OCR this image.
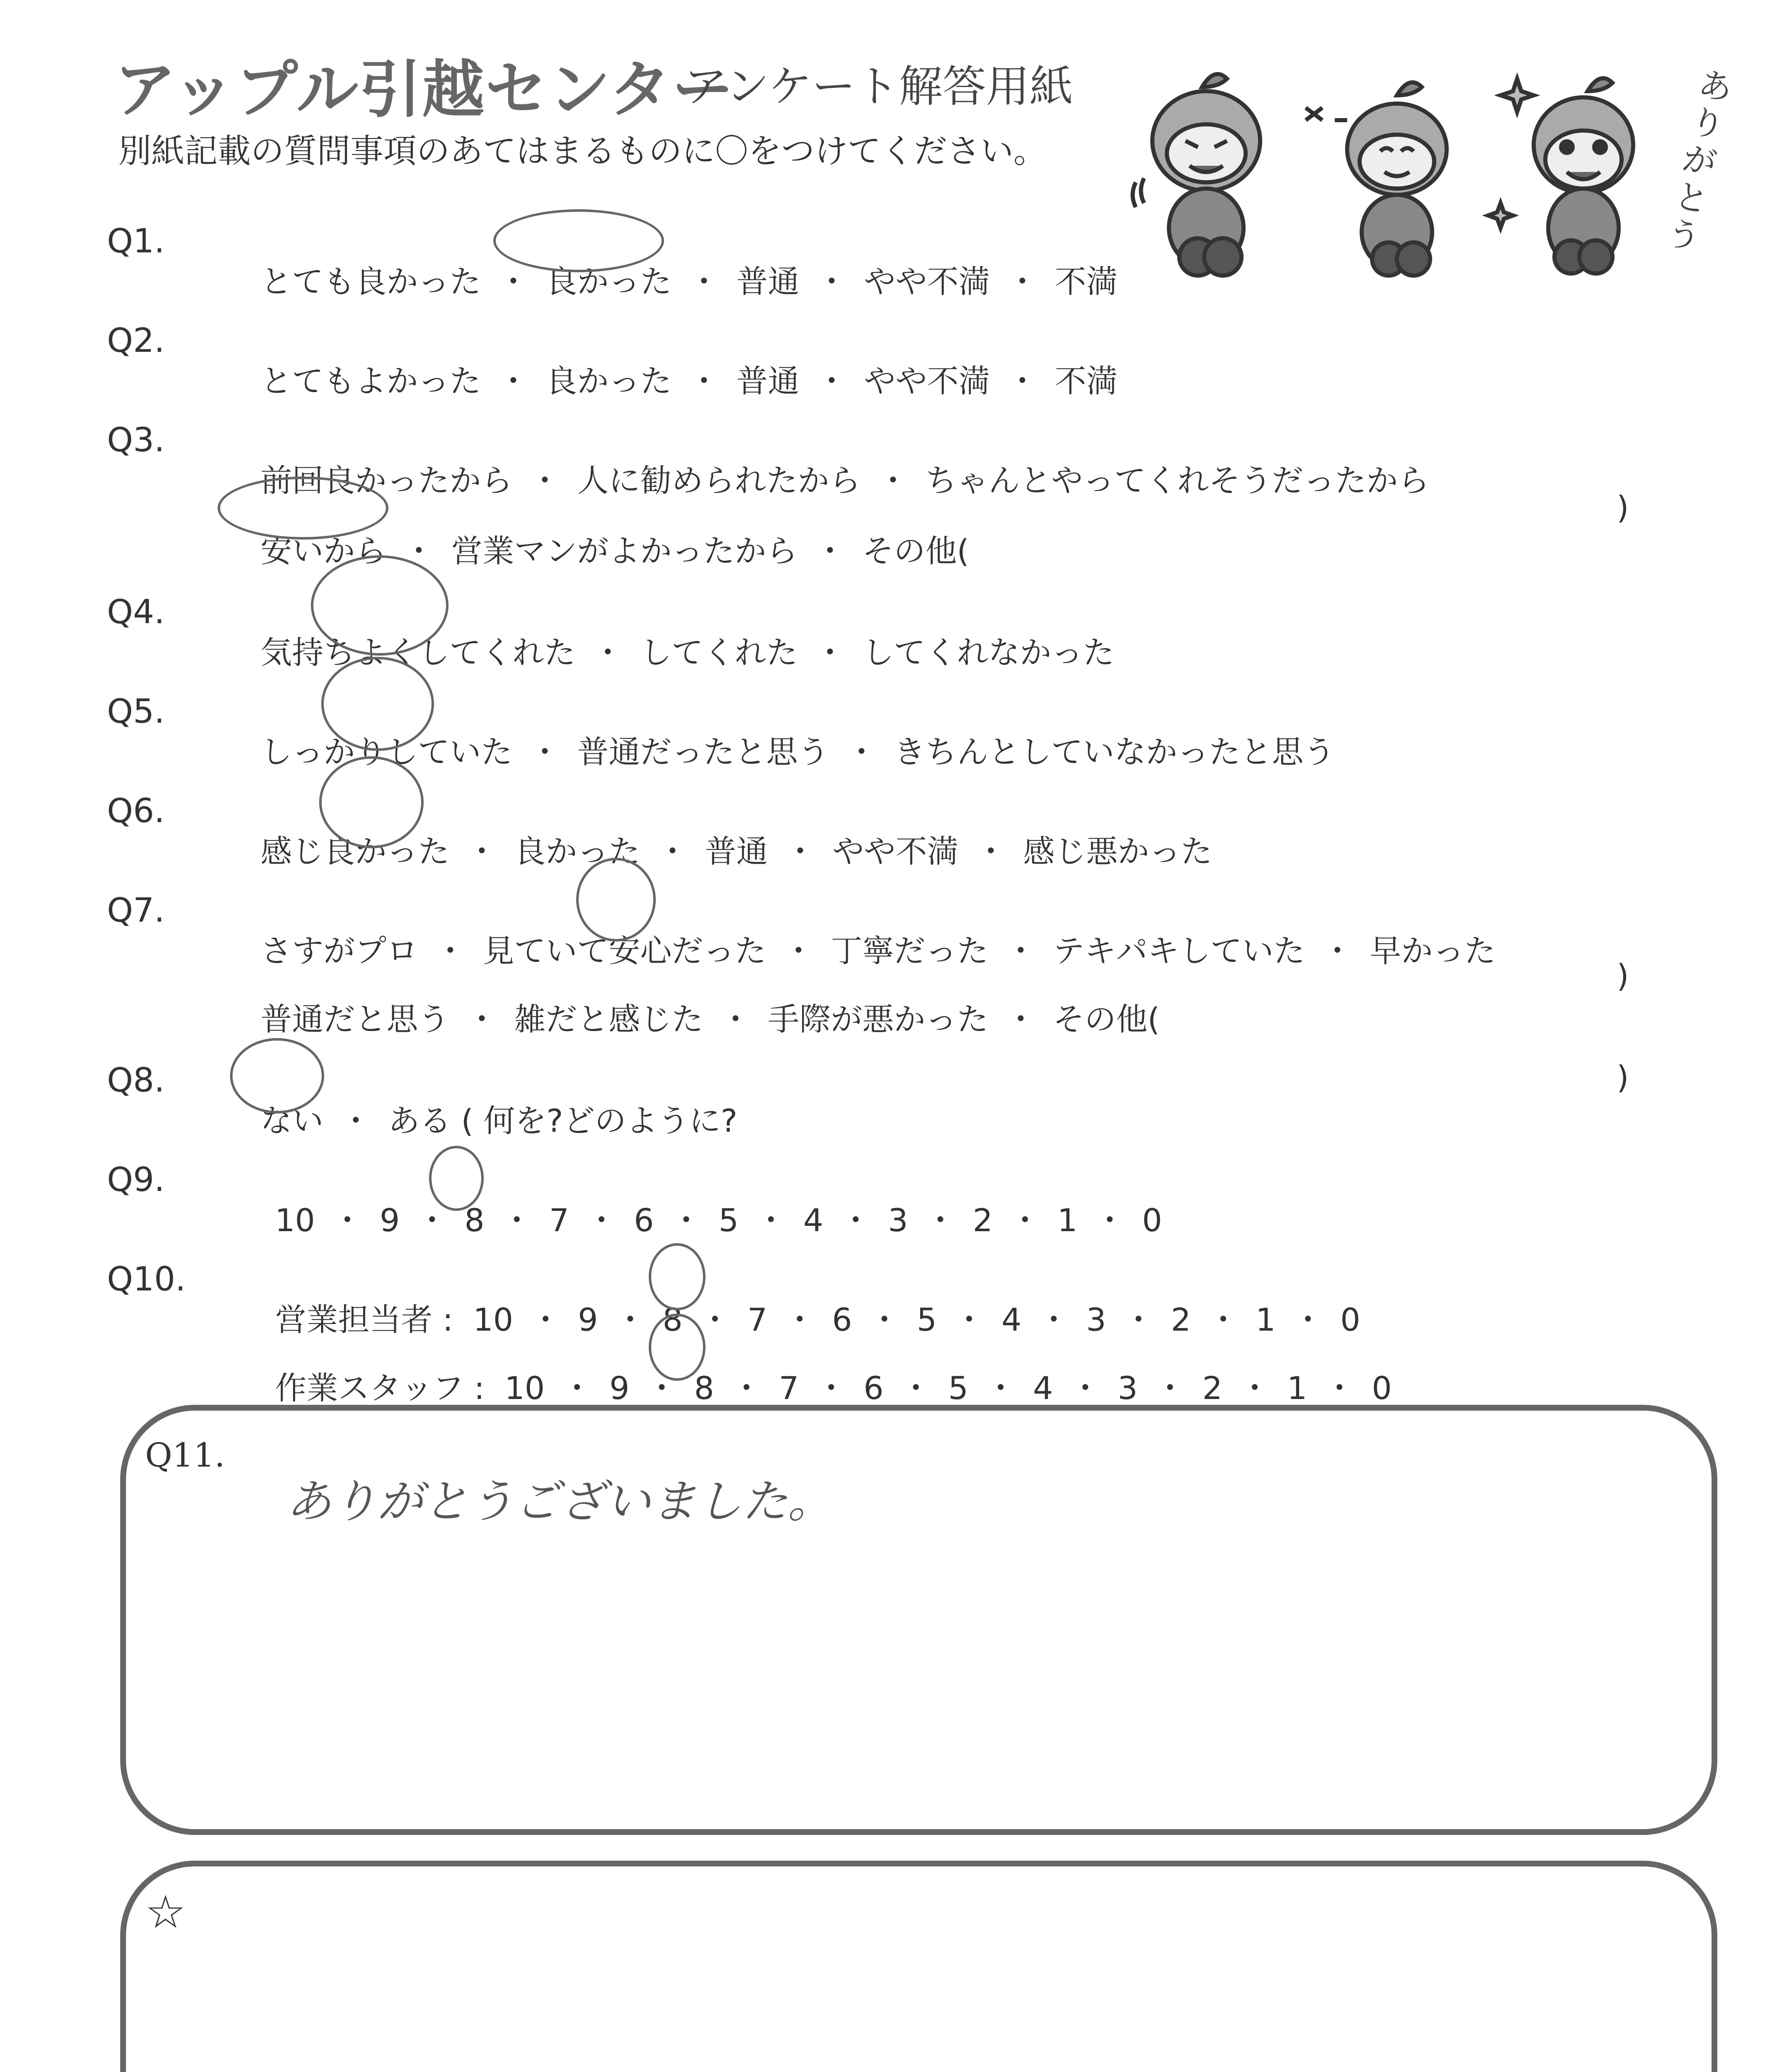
アップル引越センター
アンケート解答用紙
別紙記載の質問事項のあてはまるものに〇をつけてください。
ありがとう
Q1.

とても良かった ・ 良かった ・ 普通 ・ やや不満 ・ 不満

Q2.

とてもよかった ・ 良かった ・ 普通 ・ やや不満 ・ 不満

Q3.

前回良かったから ・ 人に勧められたから ・ ちゃんとやってくれそうだったから

安いから ・ 営業マンがよかったから ・ その他(

)
Q4.

気持ちよくしてくれた ・ してくれた ・ してくれなかった

Q5.

しっかりしていた ・ 普通だったと思う ・ きちんとしていなかったと思う

Q6.

感じ良かった ・ 良かった ・ 普通 ・ やや不満 ・ 感じ悪かった

Q7.

さすがプロ ・ 見ていて安心だった ・ 丁寧だった ・ テキパキしていた ・ 早かった

普通だと思う ・ 雑だと感じた ・ 手際が悪かった ・ その他(

)
Q8.

ない ・ ある ( 何を?どのように?

)
Q9.

10 ・ 9 ・ 8 ・ 7 ・ 6 ・ 5 ・ 4 ・ 3 ・ 2 ・ 1 ・ 0

Q10.

営業担当者 : 10 ・ 9 ・ 8 ・ 7 ・ 6 ・ 5 ・ 4 ・ 3 ・ 2 ・ 1 ・ 0

作業スタッフ : 10 ・ 9 ・ 8 ・ 7 ・ 6 ・ 5 ・ 4 ・ 3 ・ 2 ・ 1 ・ 0

Q11.
ありがとうございました。
☆
